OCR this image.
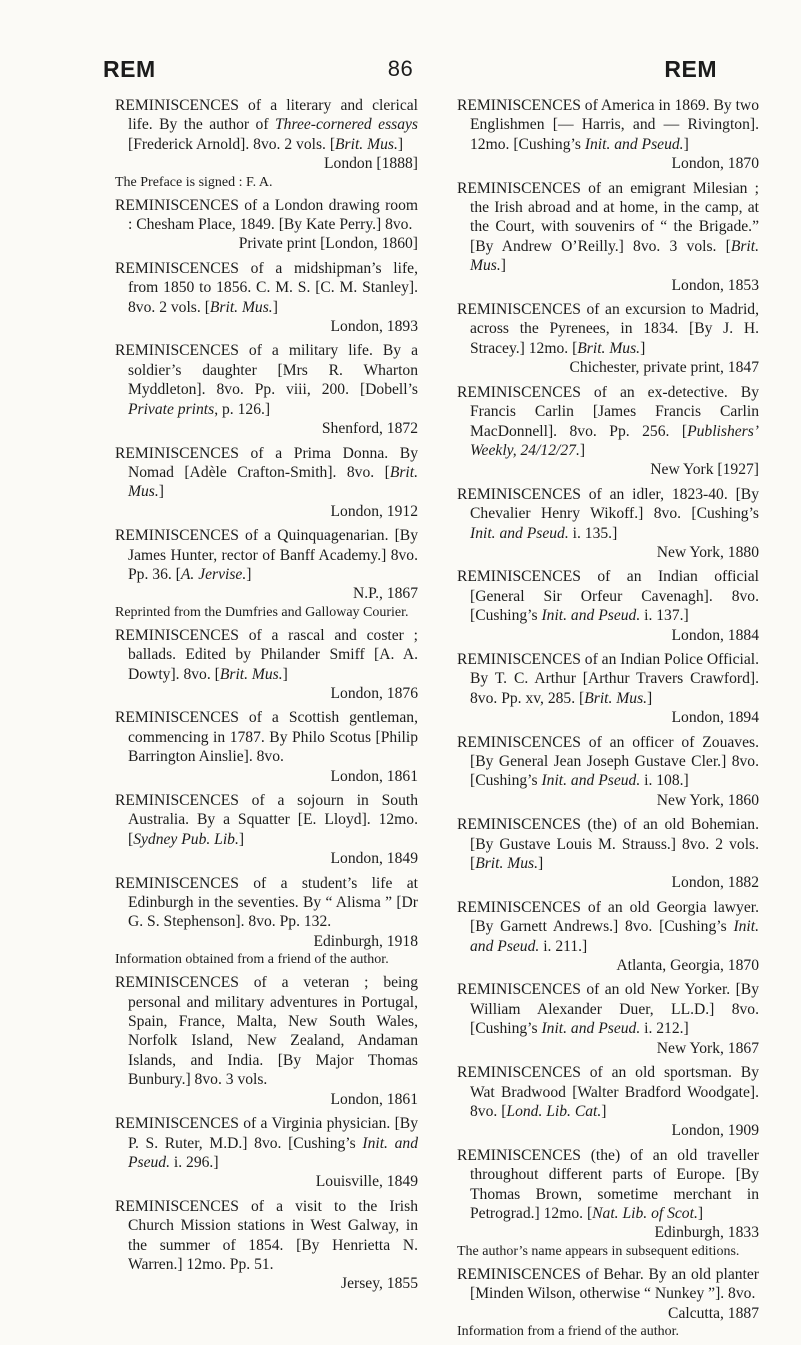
REM	86	REM
REMINISCENCES of a literary and clerical life. By the author of Three-cornered essays [Frederick Arnold]. 8vo. 2 vols. [Brit. Mus.]
London [1888]
The Preface is signed : F. A.
REMINISCENCES of a London drawing room : Chesham Place, 1849. [By Kate Perry.] 8vo.
Private print [London, 1860]
REMINISCENCES of a midshipman’s life, from 1850 to 1856. C. M. S. [C. M. Stanley]. 8vo. 2 vols. [Brit. Mus.]
London, 1893
REMINISCENCES of a military life. By a soldier’s daughter [Mrs R. Wharton Myddleton]. 8vo. Pp. viii, 200. [Dobell’s Private prints, p. 126.]
Shenford, 1872
REMINISCENCES of a Prima Donna. By Nomad [Adèle Crafton-Smith]. 8vo. [Brit. Mus.]
London, 1912
REMINISCENCES of a Quinquagenarian. [By James Hunter, rector of Banff Academy.] 8vo. Pp. 36. [A. Jervise.]
N.P., 1867
Reprinted from the Dumfries and Galloway Courier.
REMINISCENCES of a rascal and coster ; ballads. Edited by Philander Smiff [A. A. Dowty]. 8vo. [Brit. Mus.]
London, 1876
REMINISCENCES of a Scottish gentleman, commencing in 1787. By Philo Scotus [Philip Barrington Ainslie]. 8vo.
London, 1861
REMINISCENCES of a sojourn in South Australia. By a Squatter [E. Lloyd]. 12mo. [Sydney Pub. Lib.]
London, 1849
REMINISCENCES of a student’s life at Edinburgh in the seventies. By “ Alisma ” [Dr G. S. Stephenson]. 8vo. Pp. 132.
Edinburgh, 1918
Information obtained from a friend of the author.
REMINISCENCES of a veteran ; being personal and military adventures in Portugal, Spain, France, Malta, New South Wales, Norfolk Island, New Zealand, Andaman Islands, and India. [By Major Thomas Bunbury.] 8vo. 3 vols.
London, 1861
REMINISCENCES of a Virginia physician. [By P. S. Ruter, M.D.] 8vo. [Cushing’s Init. and Pseud. i. 296.]
Louisville, 1849
REMINISCENCES of a visit to the Irish Church Mission stations in West Galway, in the summer of 1854. [By Henrietta N. Warren.] 12mo. Pp. 51.
Jersey, 1855
REMINISCENCES of America in 1869. By two Englishmen [— Harris, and — Rivington]. 12mo. [Cushing’s Init. and Pseud.]
London, 1870
REMINISCENCES of an emigrant Milesian ; the Irish abroad and at home, in the camp, at the Court, with souvenirs of “ the Brigade.” [By Andrew O’Reilly.] 8vo. 3 vols. [Brit. Mus.]
London, 1853
REMINISCENCES of an excursion to Madrid, across the Pyrenees, in 1834. [By J. H. Stracey.] 12mo. [Brit. Mus.]
Chichester, private print, 1847
REMINISCENCES of an ex-detective. By Francis Carlin [James Francis Carlin MacDonnell]. 8vo. Pp. 256. [Publishers’ Weekly, 24/12/27.]
New York [1927]
REMINISCENCES of an idler, 1823-40. [By Chevalier Henry Wikoff.] 8vo. [Cushing’s Init. and Pseud. i. 135.]
New York, 1880
REMINISCENCES of an Indian official [General Sir Orfeur Cavenagh]. 8vo. [Cushing’s Init. and Pseud. i. 137.]
London, 1884
REMINISCENCES of an Indian Police Official. By T. C. Arthur [Arthur Travers Crawford]. 8vo. Pp. xv, 285. [Brit. Mus.]
London, 1894
REMINISCENCES of an officer of Zouaves. [By General Jean Joseph Gustave Cler.] 8vo. [Cushing’s Init. and Pseud. i. 108.]
New York, 1860
REMINISCENCES (the) of an old Bohemian. [By Gustave Louis M. Strauss.] 8vo. 2 vols. [Brit. Mus.]
London, 1882
REMINISCENCES of an old Georgia lawyer. [By Garnett Andrews.] 8vo. [Cushing’s Init. and Pseud. i. 211.]
Atlanta, Georgia, 1870
REMINISCENCES of an old New Yorker. [By William Alexander Duer, LL.D.] 8vo. [Cushing’s Init. and Pseud. i. 212.]
New York, 1867
REMINISCENCES of an old sportsman. By Wat Bradwood [Walter Bradford Woodgate]. 8vo. [Lond. Lib. Cat.]
London, 1909
REMINISCENCES (the) of an old traveller throughout different parts of Europe. [By Thomas Brown, sometime merchant in Petrograd.] 12mo. [Nat. Lib. of Scot.]
Edinburgh, 1833
The author’s name appears in subsequent editions.
REMINISCENCES of Behar. By an old planter [Minden Wilson, otherwise “ Nunkey ”]. 8vo.
Calcutta, 1887
Information from a friend of the author.
